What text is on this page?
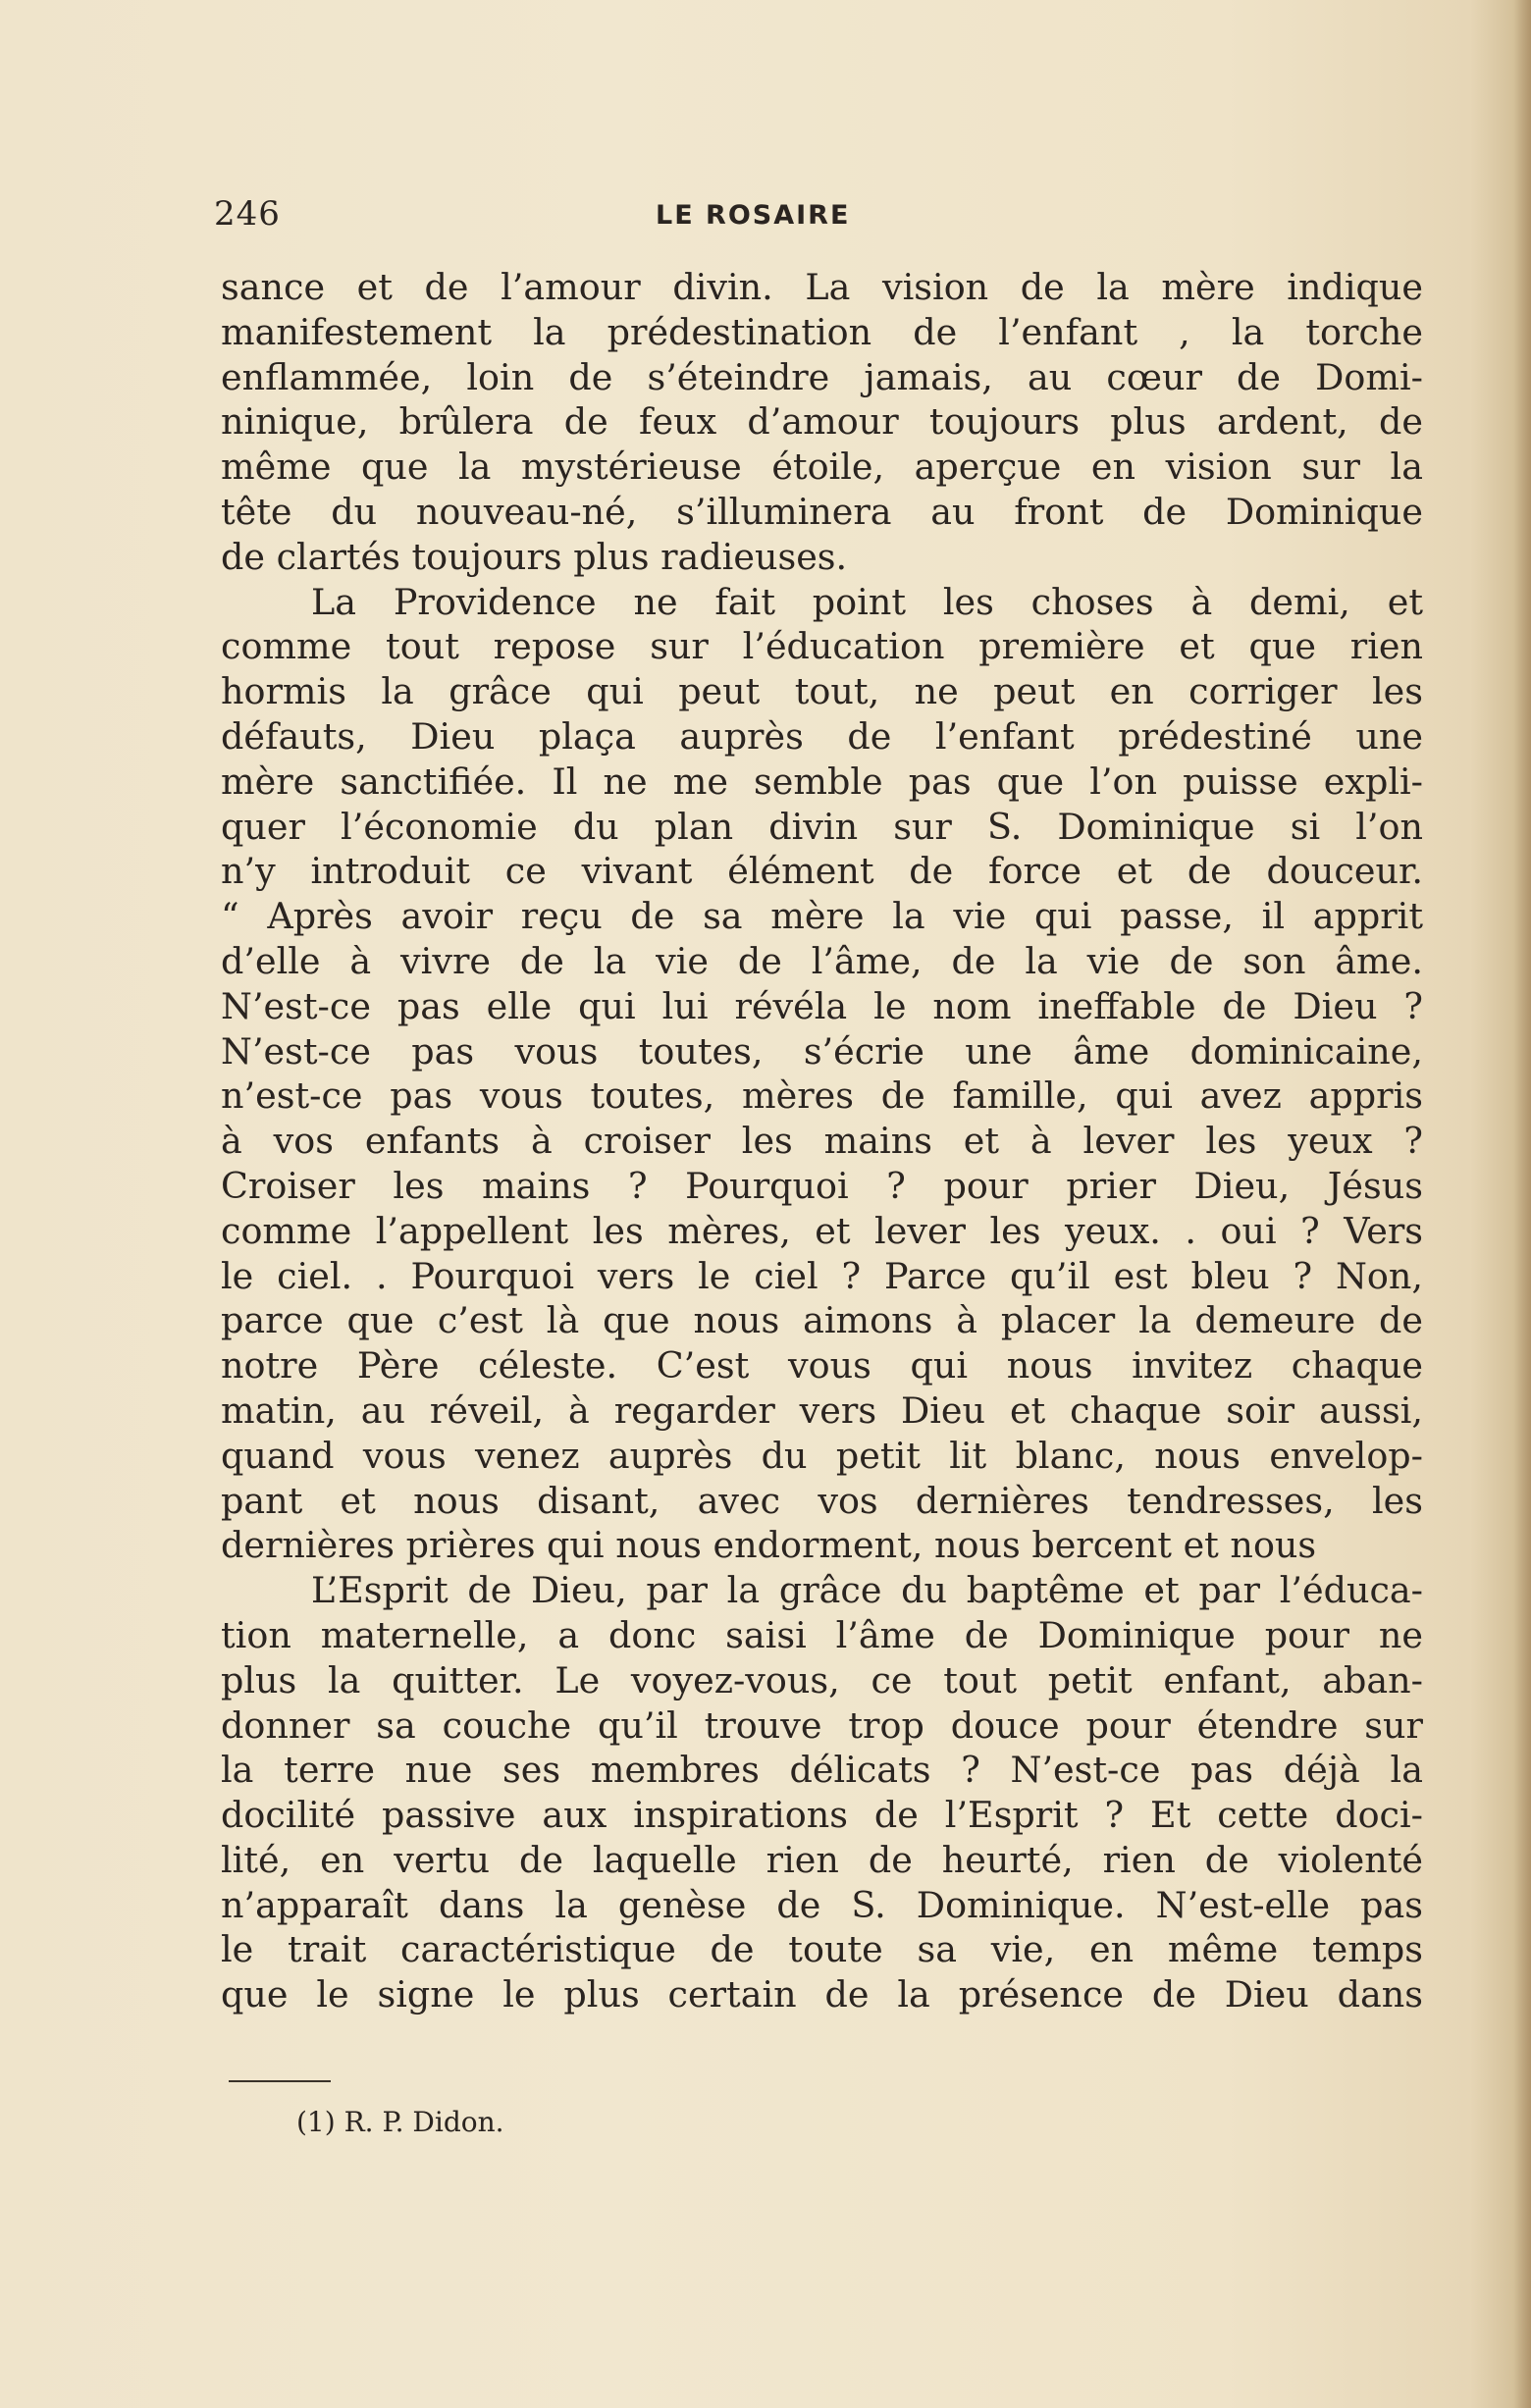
246	LE ROSAIRE
sance et de l’amour divin. La vision de la mère indique
manifestement la prédestination de l’enfant , la torche
enflammée, loin de s’éteindre jamais, au cœur de Domi-
ninique, brûlera de feux d’amour toujours plus ardent, de
même que la mystérieuse étoile, aperçue en vision sur la
tête du nouveau-né, s’illuminera au front de Dominique
de clartés toujours plus radieuses.
La Providence ne fait point les choses à demi, et
comme tout repose sur l’éducation première et que rien
hormis la grâce qui peut tout, ne peut en corriger les
défauts, Dieu plaça auprès de l’enfant prédestiné une
mère sanctifiée. Il ne me semble pas que l’on puisse expli-
quer l’économie du plan divin sur S. Dominique si l’on
n’y introduit ce vivant élément de force et de douceur.
“ Après avoir reçu de sa mère la vie qui passe, il apprit
d’elle à vivre de la vie de l’âme, de la vie de son âme.
N’est-ce pas elle qui lui révéla le nom ineffable de Dieu ?
N’est-ce pas vous toutes, s’écrie une âme dominicaine,
n’est-ce pas vous toutes, mères de famille, qui avez appris
à vos enfants à croiser les mains et à lever les yeux ?
Croiser les mains ? Pourquoi ? pour prier Dieu, Jésus
comme l’appellent les mères, et lever les yeux. . oui ? Vers
le ciel. . Pourquoi vers le ciel ? Parce qu’il est bleu ? Non,
parce que c’est là que nous aimons à placer la demeure de
notre Père céleste. C’est vous qui nous invitez chaque
matin, au réveil, à regarder vers Dieu et chaque soir aussi,
quand vous venez auprès du petit lit blanc, nous envelop-
pant et nous disant, avec vos dernières tendresses, les
dernières prières qui nous endorment, nous bercent et nous
L’Esprit de Dieu, par la grâce du baptême et par l’éduca-
tion maternelle, a donc saisi l’âme de Dominique pour ne
plus la quitter. Le voyez-vous, ce tout petit enfant, aban-
donner sa couche qu’il trouve trop douce pour étendre sur
la terre nue ses membres délicats ? N’est-ce pas déjà la
docilité passive aux inspirations de l’Esprit ? Et cette doci-
lité, en vertu de laquelle rien de heurté, rien de violenté
n’apparaît dans la genèse de S. Dominique. N’est-elle pas
le trait caractéristique de toute sa vie, en même temps
que le signe le plus certain de la présence de Dieu dans
(1) R. P. Didon.
